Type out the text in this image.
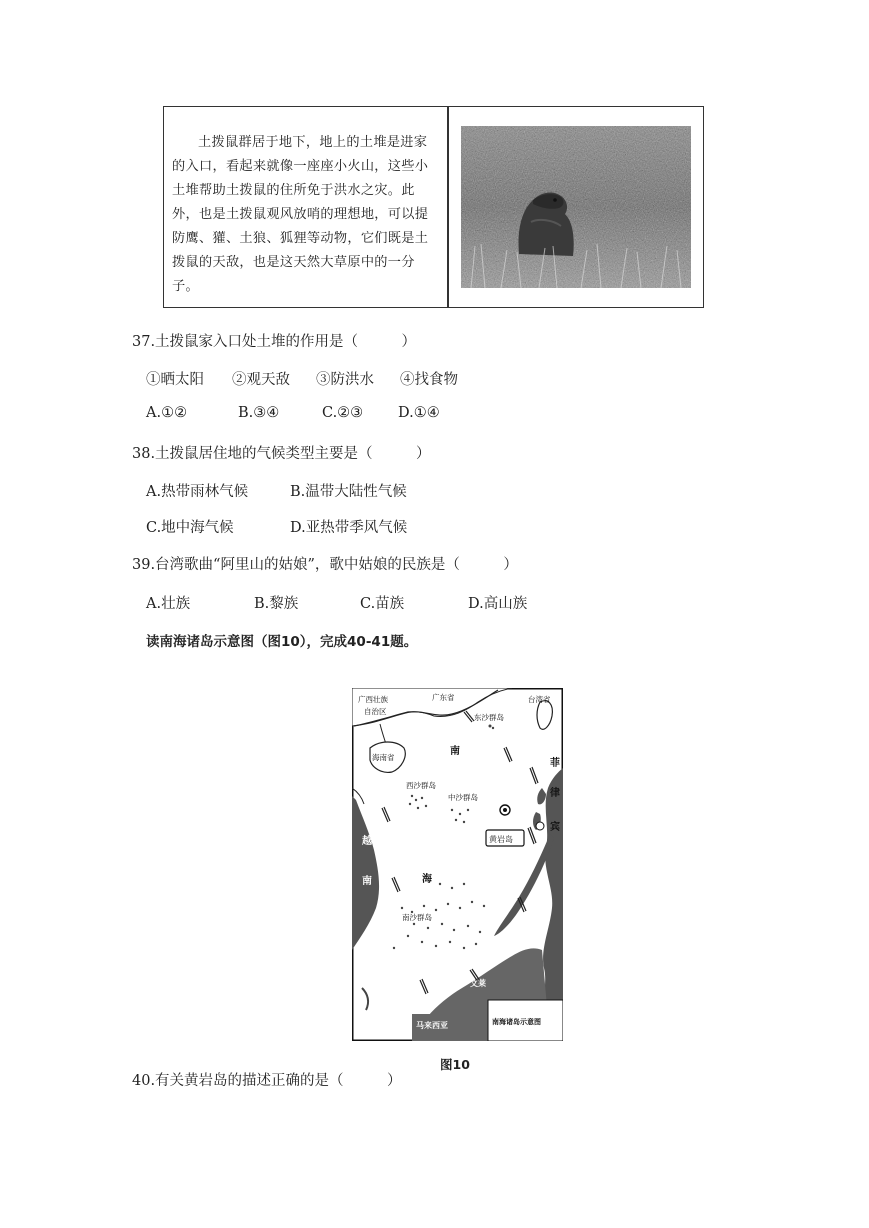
土拨鼠群居于地下，地上的土堆是进家
的入口，看起来就像一座座小火山，这些小
土堆帮助土拨鼠的住所免于洪水之灾。此
外，也是土拨鼠观风放哨的理想地，可以提
防鹰、獾、土狼、狐狸等动物，它们既是土
拨鼠的天敌，也是这天然大草原中的一分
子。
37.土拨鼠家入口处土堆的作用是（　　　）
①晒太阳 ②观天敌 ③防洪水 ④找食物
A.①②	B.③④	C.②③ D.①④
38.土拨鼠居住地的气候类型主要是（　　　）
A.热带雨林气候	B.温带大陆性气候
C.地中海气候	D.亚热带季风气候
39.台湾歌曲“阿里山的姑娘”，歌中姑娘的民族是（　　　）
A.壮族	B.黎族	C.苗族	D.高山族
读南海诸岛示意图（图10），完成40-41题。
广西壮族
自治区
广东省	台湾省
东沙群岛
海南省
南
西沙群岛
中沙群岛
菲
律
宾
越
南
黄岩岛
海
南沙群岛
文莱
马来西亚	南海诸岛示意图
图10
40.有关黄岩岛的描述正确的是（　　　）
